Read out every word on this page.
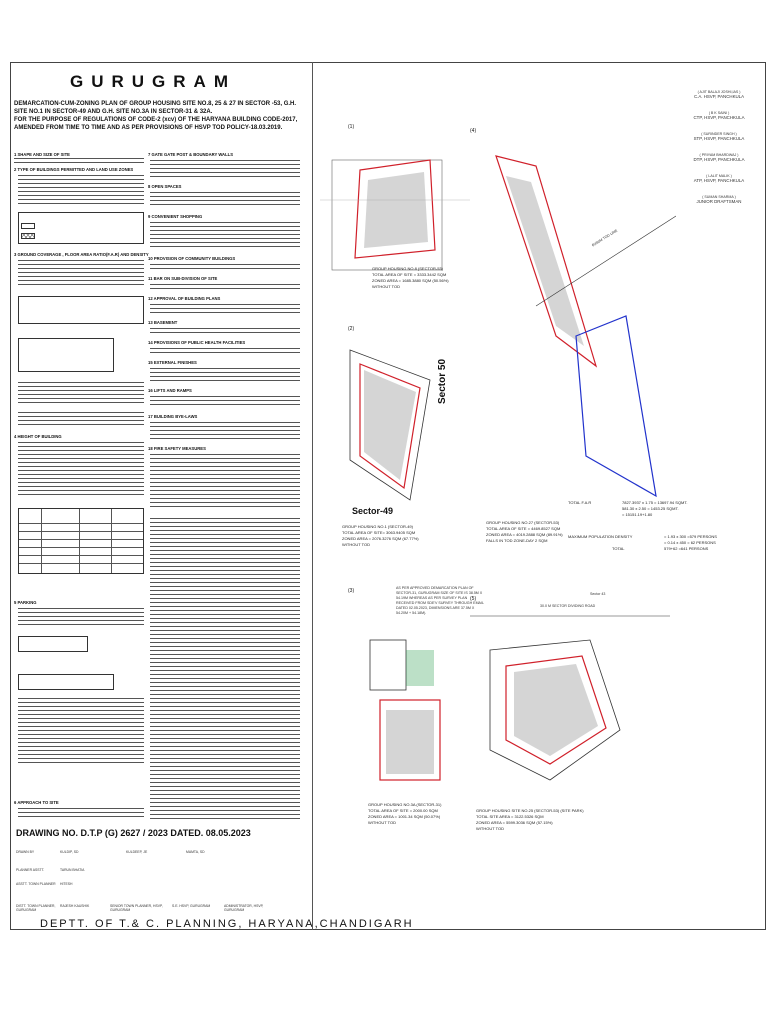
GURUGRAM
DEMARCATION-CUM-ZONING PLAN OF GROUP HOUSING SITE NO.8, 25 & 27 IN SECTOR -53, G.H.
SITE NO.1 IN SECTOR-49 AND G.H. SITE NO.3A IN SECTOR-31 & 32A.
FOR THE PURPOSE OF REGULATIONS OF CODE-2 (xcv) OF THE HARYANA BUILDING CODE-2017,
AMENDED FROM TIME TO TIME AND AS PER PROVISIONS OF HSVP TOD POLICY-18.03.2019.
1 SHAPE AND SIZE OF SITE
2 TYPE OF BUILDINGS PERMITTED AND LAND USE ZONES
3 GROUND COVERAGE , FLOOR AREA RATIO(F.A.R) AND DENSITY
4 HEIGHT OF BUILDING
5 PARKING
6 APPROACH TO SITE
7 GATE GATE POST & BOUNDARY WALLS
8 OPEN SPACES
9 CONVENIENT SHOPPING
10 PROVISION OF COMMUNITY BUILDINGS
11 BAR ON SUB-DIVISION OF SITE
12 APPROVAL OF BUILDING PLANS
13 BASEMENT
14 PROVISIONS OF PUBLIC HEALTH FACILITIES
15 EXTERNAL FINISHES
16 LIFTS AND RAMPS
17 BUILDING BYE-LAWS
18 FIRE SAFETY MEASURES
DRAWING NO. D.T.P (G) 2627 / 2023 DATED. 08.05.2023
DRAWN BY	KULDIP, SD	KULDEEP, JE	MAMTA, SD
PLANNER ASSTT.	TARUN BHATIA
ASSTT. TOWN PLANNER HITESH
DISTT. TOWN PLANNER, GURUGRAM
RAJESH KAUSHIK	SENIOR TOWN PLANNER, HSVP, GURUGRAM
S.E. HSVP, GURUGRAM	ADMINISTRATOR, HSVP, GURUGRAM
DEPTT. OF T.& C. PLANNING, HARYANA,CHANDIGARH
(1)
GROUP HOUSING NO.8 (SECTOR-53)
TOTAL AREA OF SITE = 3333.3442 SQM
ZONED AREA = 1685.3880 SQM (50.56%)
WITHOUT TOD
(4)
60/80M TOD LINE
Sector 50
GROUP HOUSING NO.27 (SECTOR-53)
TOTAL AREA OF SITE = 4469.8527 SQM
ZONED AREA = 4019.2888 SQM (89.91%)
FALLS IN TOD ZONE-DAY 2 SQM
(2)
Sector-49
GROUP HOUSING NO.1 (SECTOR-49)
TOTAL AREA OF SITE= 3063.9405 SQM
ZONED AREA = 2076.3276 SQM (67.77%)
WITHOUT TOD
TOTAL F.A.R	7827.3937 x 1.75 = 13697.94 SQMT.
581.30 x 2.50 = 1453.25 SQMT.
= 15151.19+1.80
MAXIMUM POPULATION DENSITY	= 1.93 x 300 =579 PERSONS
= 0.14 x 450 = 62 PERSONS
579+62 =641 PERSONS
TOTAL
(3)	AS PER APPROVED DEMARCATION PLAN OF
SECTOR-31, GURUGRAM SIZE OF SITE IS 38.5M X
54.19M WHEREAS AS PER SURVEY PLAN
RECEIVED FROM SDE'V SURVEY THROUGH EMAIL
DATED 02.05.2023, DIMENSIONS ARE 37.5M X
54.20M + 54.18M).
GROUP HOUSING NO.3A (SECTOR-31)
TOTAL AREA OF SITE = 2000.00 SQM
ZONED AREA = 1001.34 SQM (50.07%)
WITHOUT TOD
(5)
Sector 43
30.0 M SECTOR DIVIDING ROAD
GROUP HOUSING SITE NO.25 (SECTOR-53) (SITE PARK)
TOTAL SITE AREA = 3122.5326 SQM
ZONED AREA = 5599.3036 SQM (57.15%)
WITHOUT TOD
( AJIT BALAJI JOSHI,IAS )
C.A. HSVP, PANCHKULA
( B K SAINI )
CTP, HSVP, PANCHKULA
( SURINDER SINGH )
STP, HSVP, PANCHKULA
( PRIYAM BHARDWAJ )
DTP, HSVP, PANCHKULA
( LALIT MALIK )
ATP, HSVP, PANCHKULA
( SUMAN SHARMA )
JUNIOR DRAFTSMAN
